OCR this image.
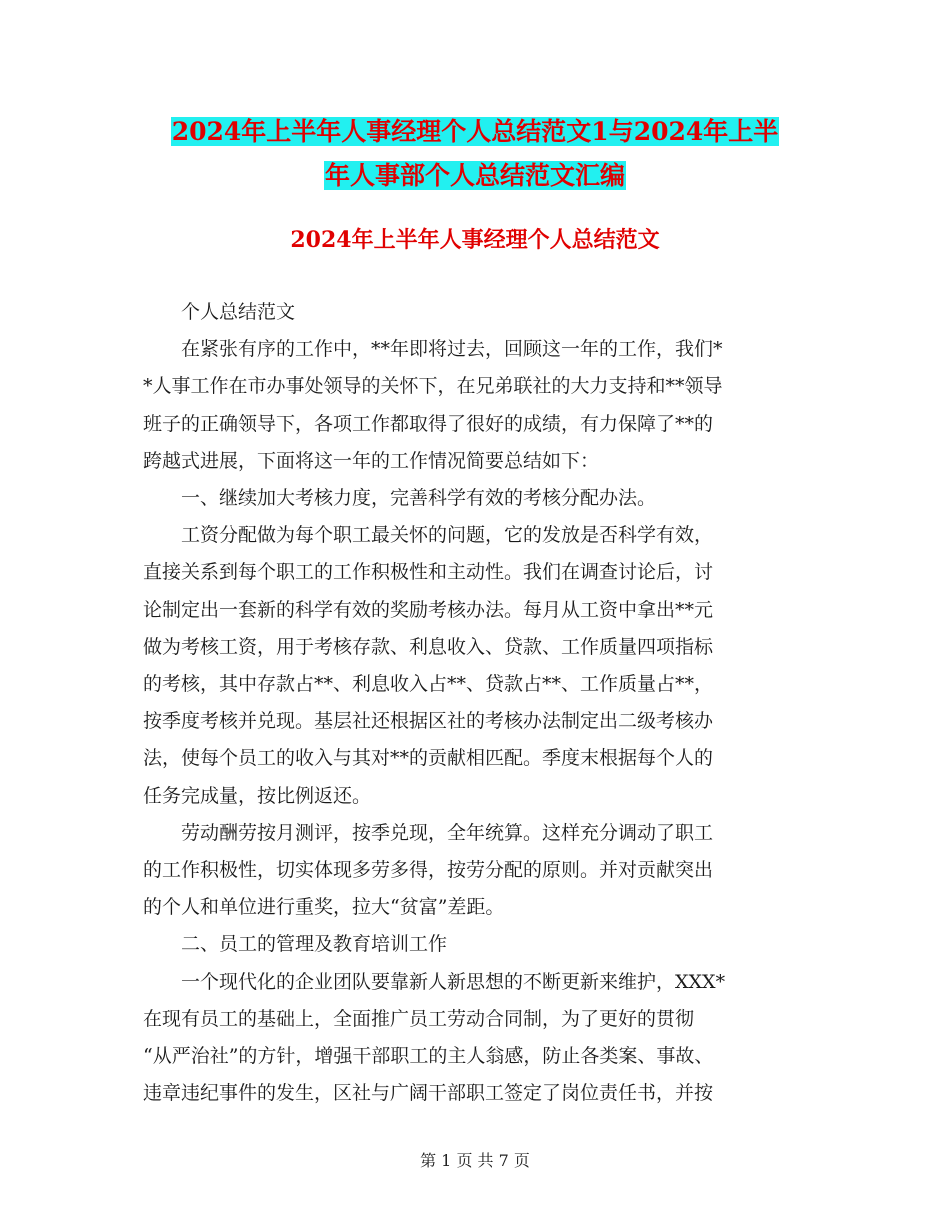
2024年上半年人事经理个人总结范文1与2024年上半
年人事部个人总结范文汇编
2024年上半年人事经理个人总结范文

个人总结范文

在紧张有序的工作中，**年即将过去，回顾这一年的工作，我们*

*人事工作在市办事处领导的关怀下，在兄弟联社的大力支持和**领导

班子的正确领导下，各项工作都取得了很好的成绩，有力保障了**的

跨越式进展，下面将这一年的工作情况简要总结如下：

一、继续加大考核力度，完善科学有效的考核分配办法。

工资分配做为每个职工最关怀的问题，它的发放是否科学有效，

直接关系到每个职工的工作积极性和主动性。我们在调查讨论后，讨

论制定出一套新的科学有效的奖励考核办法。每月从工资中拿出**元

做为考核工资，用于考核存款、利息收入、贷款、工作质量四项指标

的考核，其中存款占**、利息收入占**、贷款占**、工作质量占**，

按季度考核并兑现。基层社还根据区社的考核办法制定出二级考核办

法，使每个员工的收入与其对**的贡献相匹配。季度末根据每个人的

任务完成量，按比例返还。

劳动酬劳按月测评，按季兑现，全年统算。这样充分调动了职工

的工作积极性，切实体现多劳多得，按劳分配的原则。并对贡献突出

的个人和单位进行重奖，拉大“贫富”差距。

二、员工的管理及教育培训工作

一个现代化的企业团队要靠新人新思想的不断更新来维护，XXX*

在现有员工的基础上，全面推广员工劳动合同制，为了更好的贯彻

“从严治社”的方针，增强干部职工的主人翁感，防止各类案、事故、

违章违纪事件的发生，区社与广阔干部职工签定了岗位责任书，并按

第 1 页 共 7 页
